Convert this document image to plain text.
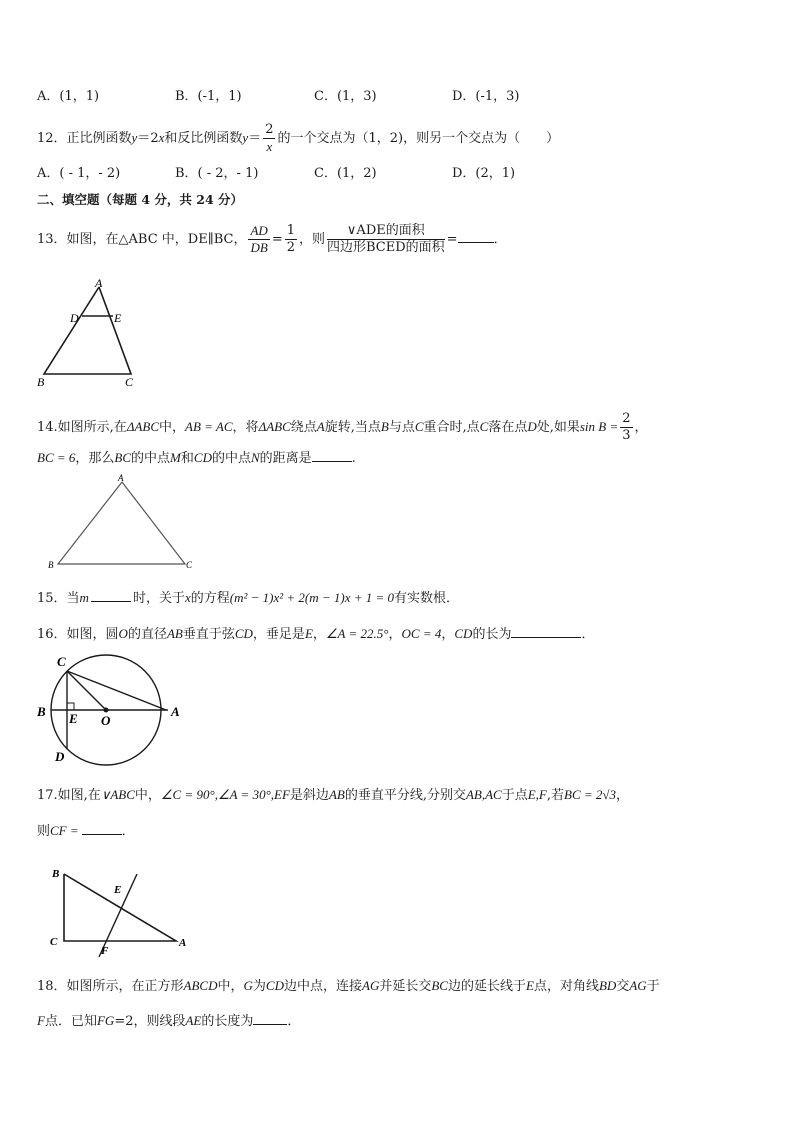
A．(1，1)	B．(-1，1)	C．(1，3)	D．(-1，3)
12．正比例函数y＝2x和反比例函数$y= \frac{2}{x}$ 的一个交点为（1，2)，则另一个交点为（　　）
A．( - 1，- 2)	B．( - 2，- 1)	C．(1，2)	D．(2，1)
二、填空题（每题 4 分，共 24 分）
13．如图，在△ABC 中，DE∥BC， $\frac{AD}{DB} = \frac{1}{2}$ ，则
∨ADE的面积
四边形BCED的面积
=	．
A
D	E
B	C
14.如图所示,在ΔABC中，AB = AC，将ΔABC绕点A旋转,当点B与点C重合时,点C落在点D处,如果$\sin B = \frac{2}{3}$ ，
BC = 6，那么BC的中点M和CD的中点N的距离是	.
A
B	C
15．当m	时，关于x的方程(m² − 1)x² + 2(m − 1)x + 1 = 0有实数根．
16．如图，圆O的直径AB垂直于弦CD，垂足是E，∠A = 22.5°，OC = 4，CD的长为	．
C
B E O
A
D
17.如图,在∨ABC中，∠C = 90°,∠A = 30°,EF是斜边AB的垂直平分线,分别交AB,AC于点E,F,若BC = 2√3，
则CF =	．
B
C	A
E
F
18．如图所示，在正方形ABCD中，G为CD边中点，连接AG并延长交BC边的延长线于E点，对角线BD交AG于
F点．已知FG=2，则线段AE的长度为	．
